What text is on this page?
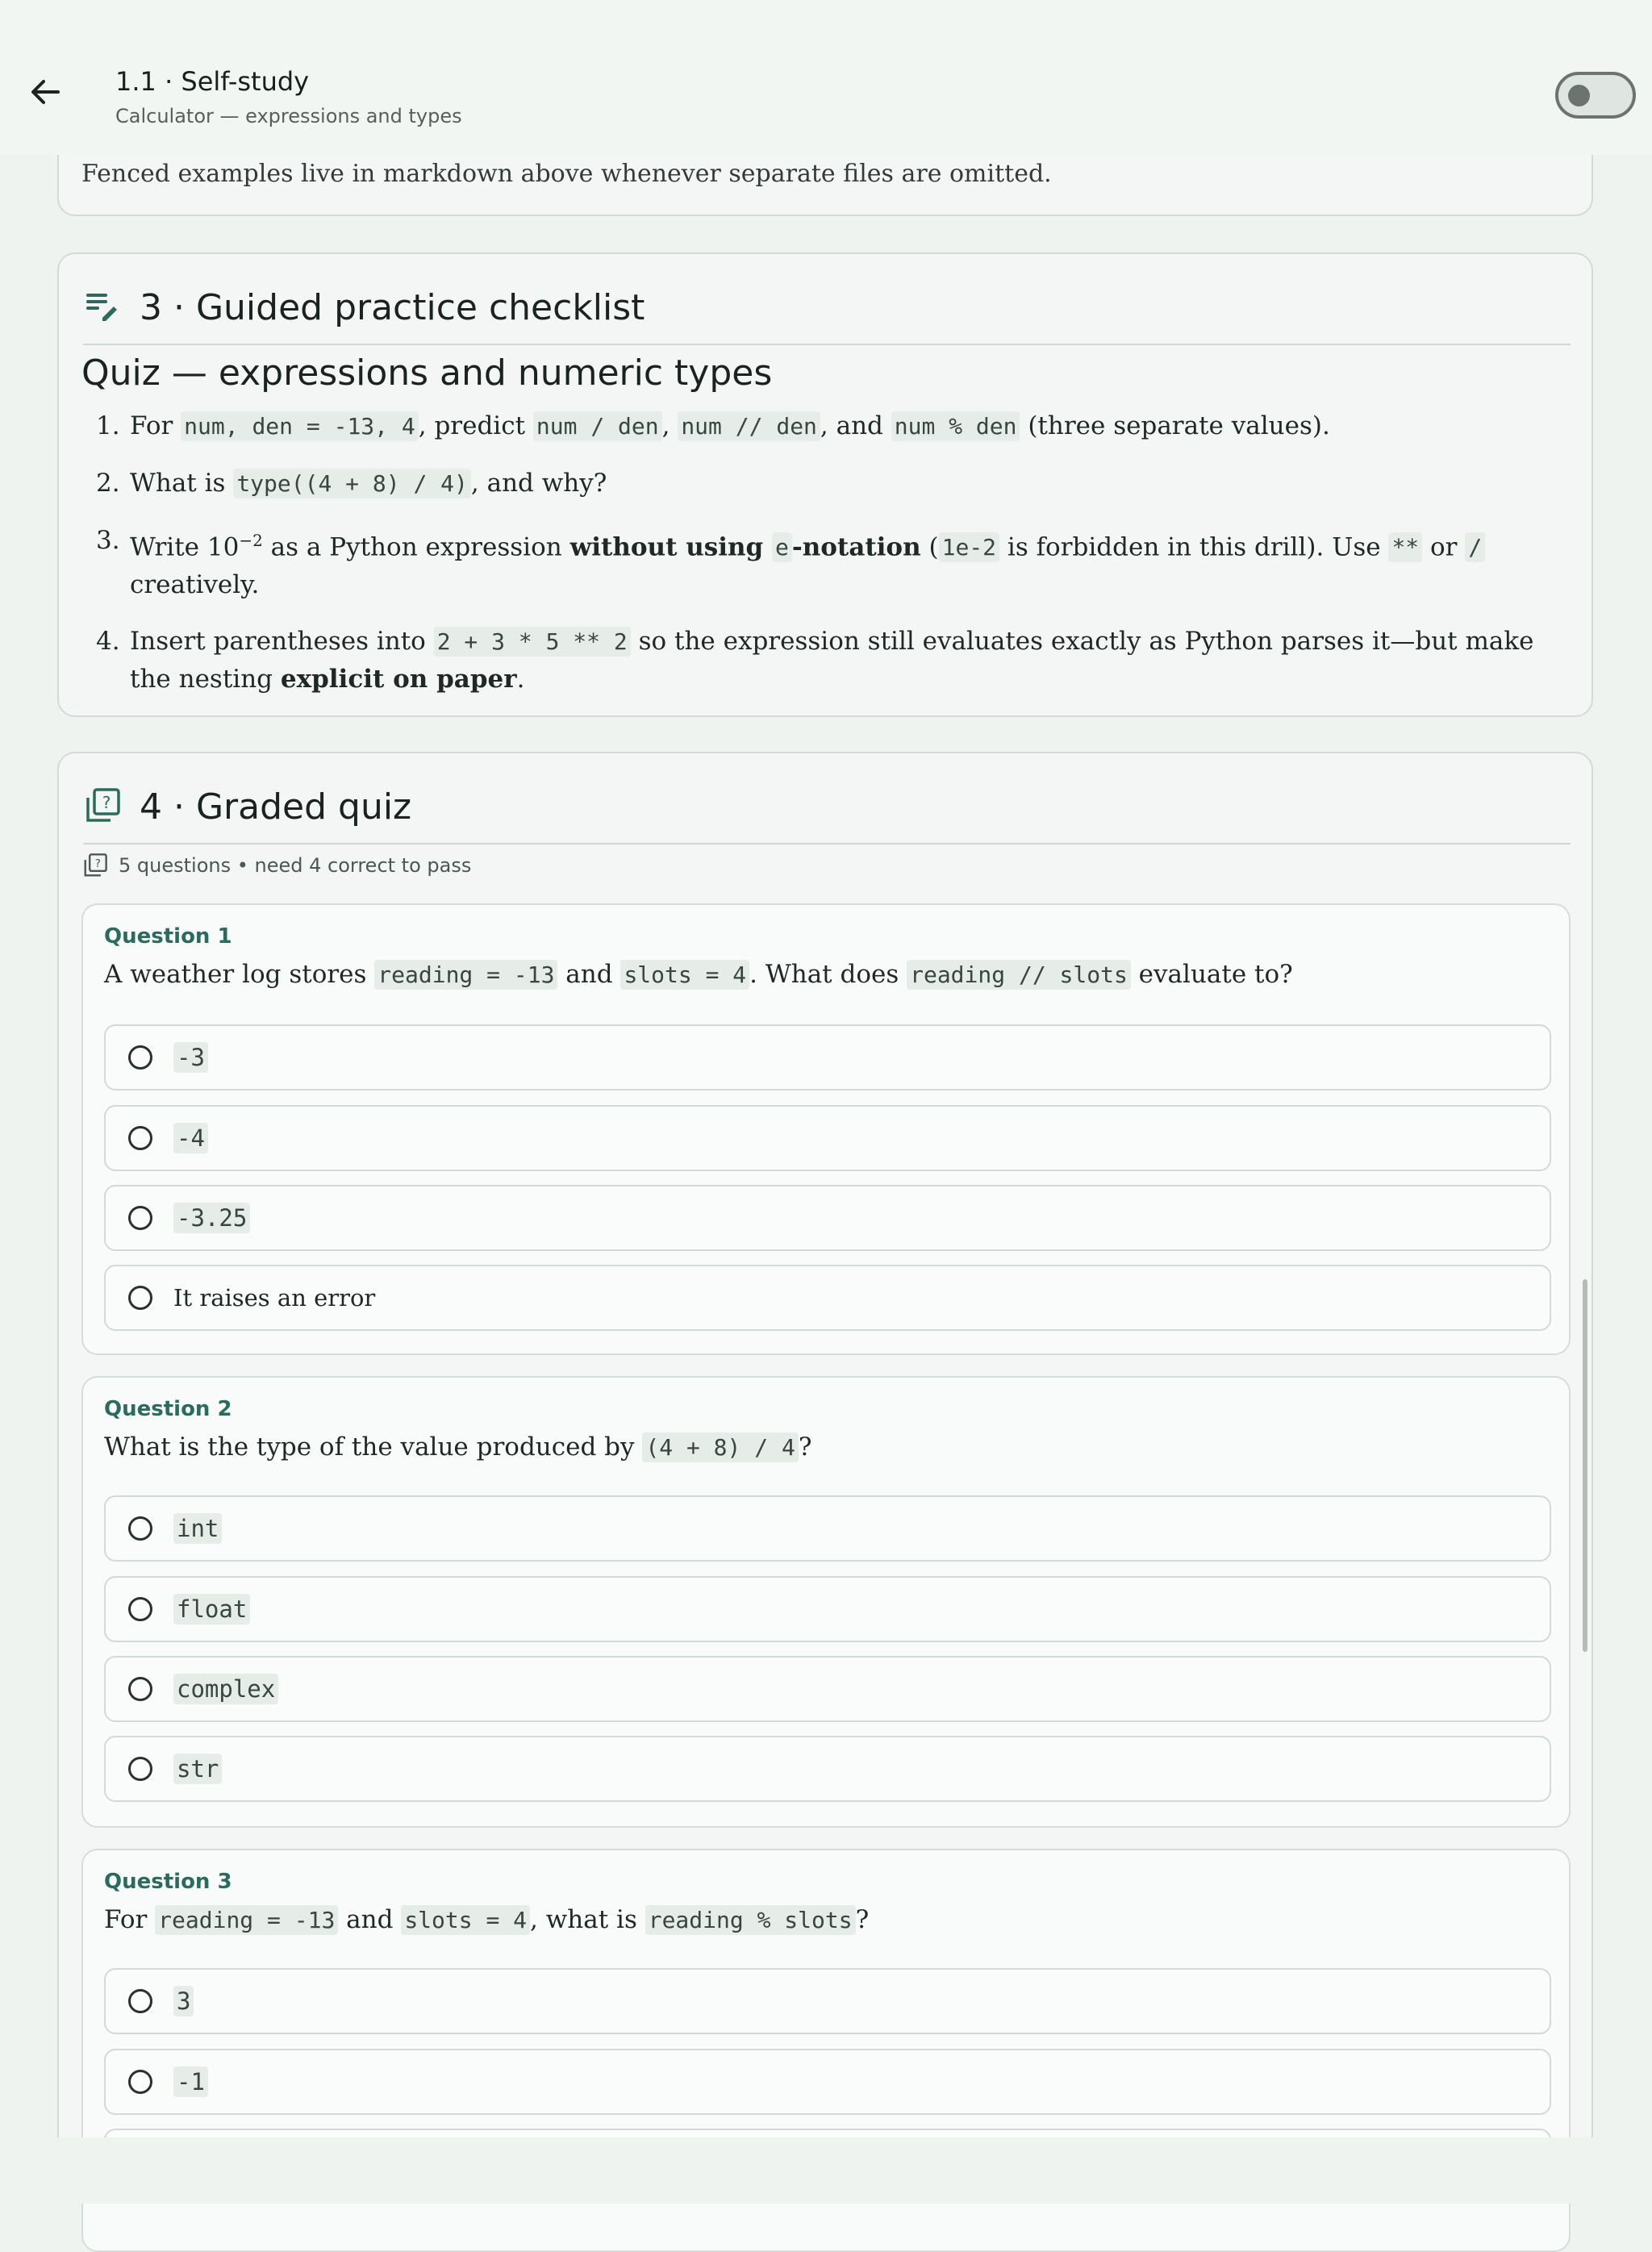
1.1 · Self-study
Calculator — expressions and types
Fenced examples live in markdown above whenever separate files are omitted.
3 · Guided practice checklist
Quiz — expressions and numeric types
1. For num, den = -13, 4 , predict num / den , num // den , and num % den (three separate values).
2. What is type((4 + 8) / 4) , and why?
3. Write $10^{-2}$ as a Python expression without using e -notation ( 1e-2 is forbidden in this drill). Use ** or / creatively.
4. Insert parentheses into 2 + 3 * 5 ** 2 so the expression still evaluates exactly as Python parses it—but make the nesting explicit on paper.
? 4 · Graded quiz
? 5 questions • need 4 correct to pass
Question 1
A weather log stores reading = -13 and slots = 4 . What does reading // slots evaluate to?
-3
-4
-3.25
It raises an error
Question 2
What is the type of the value produced by (4 + 8) / 4 ?
int
float
complex
str
Question 3
For reading = -13 and slots = 4 , what is reading % slots ?
3
-1
